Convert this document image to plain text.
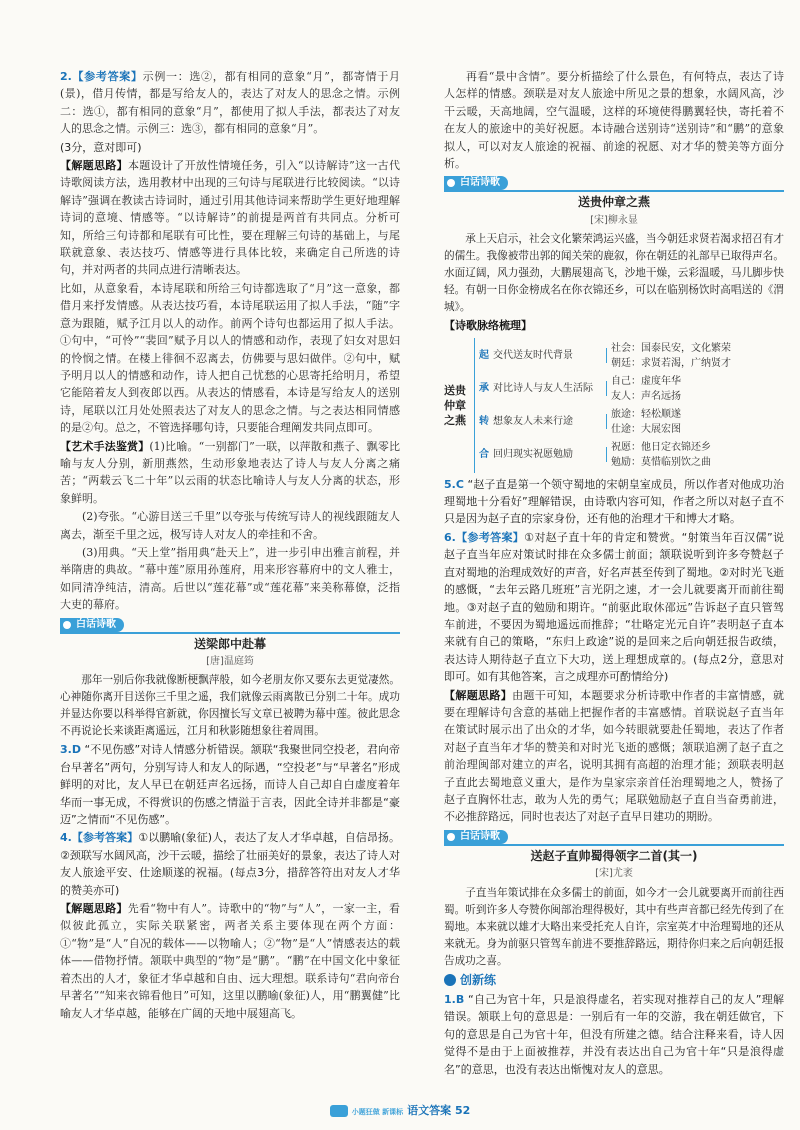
2.【参考答案】示例一：选②，都有相同的意象“月”，都寄情于月(景)，借月传情，都是写给友人的，表达了对友人的思念之情。示例二：选①，都有相同的意象“月”，都使用了拟人手法，都表达了对友人的思念之情。示例三：选③，都有相同的意象“月”。

(3分，意对即可)

【解题思路】本题设计了开放性情境任务，引入“以诗解诗”这一古代诗歌阅读方法，选用教材中出现的三句诗与尾联进行比较阅读。“以诗解诗”强调在教读古诗词时，通过引用其他诗词来帮助学生更好地理解诗词的意境、情感等。“以诗解诗”的前提是两首有共同点。分析可知，所给三句诗都和尾联有可比性，要在理解三句诗的基础上，与尾联就意象、表达技巧、情感等进行具体比较，来确定自己所选的诗句，并对两者的共同点进行清晰表达。

比如，从意象看，本诗尾联和所给三句诗都选取了“月”这一意象，都借月来抒发情感。从表达技巧看，本诗尾联运用了拟人手法，“随”字意为跟随，赋予江月以人的动作。前两个诗句也都运用了拟人手法。①句中，“可怜”“裴回”赋予月以人的情感和动作，表现了妇女对思妇的怜悯之情。在楼上徘徊不忍离去，仿佛要与思妇做伴。②句中，赋予明月以人的情感和动作，诗人把自己忧愁的心思寄托给明月，希望它能陪着友人到夜郎以西。从表达的情感看，本诗是写给友人的送别诗，尾联以江月处处照表达了对友人的思念之情。与之表达相同情感的是②句。总之，不管选择哪句诗，只要能合理阐发共同点即可。

【艺术手法鉴赏】(1)比喻。“一别都门”一联，以萍散和燕子、飘零比喻与友人分别，新朋燕然，生动形象地表达了诗人与友人分离之痛苦；“两载云飞二十年”以云雨的状态比喻诗人与友人分离的状态，形象鲜明。

(2)夸张。“心游目送三千里”以夸张与传统写诗人的视线跟随友人离去，渐至千里之远，极写诗人对友人的牵挂和不舍。

(3)用典。“天上堂”指用典“赴天上”，进一步引申出雅言前程，并举隋唐的典故。“幕中莲”原用孙莲府，用来形容幕府中的文人雅士，如同清净纯洁，清高。后世以“莲花幕”或“莲花幕”来美称幕僚，泛指大吏的幕府。

白话诗歌
送梁郎中赴幕
[唐]温庭筠

那年一别后你我就像断梗飘萍般，如今老朋友你又要东去更觉凄然。心神随你离开目送你三千里之遥，我们就像云雨离散已分别二十年。成功并显达你要以科举得官新就，你因擅长写文章已被聘为幕中莲。彼此思念不再说论长来谈距离遥远，江月和秋影随想象往着周围。

3.D “不见伤感”对诗人情感分析错误。颔联“我聚世同空投老，君向帝台早著名”两句，分别写诗人和友人的际遇，“空投老”与“早著名”形成鲜明的对比，友人早已在朝廷声名远扬，而诗人自己却自白虚度着年华而一事无成，不得赏识的伤感之情溢于言表，因此全诗并非都是“豪迈”之情而“不见伤感”。

4.【参考答案】①以鹏喻(象征)人，表达了友人才华卓越，自信昂扬。②颈联写水阔风高，沙干云暖，描绘了壮丽美好的景象，表达了诗人对友人旅途平安、仕途顺遂的祝福。(每点3分，措辞答符出对友人才华的赞美亦可)

【解题思路】先看“物中有人”。诗歌中的“物”与“人”，一家一主，看似彼此孤立，实际关联紧密，两者关系主要体现在两个方面：①“物”是“人”自况的载体——以物喻人；②“物”是“人”情感表达的载体——借物抒情。颔联中典型的“物”是“鹏”。“鹏”在中国文化中象征着杰出的人才，象征才华卓越和自由、远大理想。联系诗句“君向帝台早著名”“知来衣锦看他日”可知，这里以鹏喻(象征)人，用“鹏翼健”比喻友人才华卓越，能够在广阔的天地中展翅高飞。

再看“景中含情”。要分析描绘了什么景色，有何特点，表达了诗人怎样的情感。颈联是对友人旅途中所见之景的想象，水阔风高，沙干云暖，天高地阔，空气温暖，这样的环境使得鹏翼轻快，寄托着不在友人的旅途中的美好祝愿。本诗融合送别诗“送别诗”和“鹏”的意象拟人，可以对友人旅途的祝福、前途的祝愿、对才华的赞美等方面分析。

白话诗歌
送贵仲章之燕
[宋]柳永显

承上天启示，社会文化繁荣鸿运兴盛，当今朝廷求贤若渴求招召有才的儒生。我像被带出郭的闻关荣的鹿叙，你在朝廷的礼部早已取得声名。水面辽阔，风力强劲，大鹏展翅高飞，沙地干燥，云彩温暖，马儿脚步快轻。有朝一日你金榜成名在你衣锦还乡，可以在临别杨饮时高唱送的《渭城》。

【诗歌脉络梳理】

送贵仲章之燕
起 交代送友时代背景
社会：国泰民安，文化繁荣
朝廷：求贤若渴，广纳贤才
承 对比诗人与友人生活际
自己：虚度年华
友人：声名远扬
转 想象友人未来行途
旅途：轻松顺遂
仕途：大展宏图
合 回归现实祝愿勉励
祝愿：他日定衣锦还乡
勉励：莫惜临别饮之曲

5.C “赵子直是第一个领守蜀地的宋朝皇室成员，所以作者对他成功治理蜀地十分看好”理解错误，由诗歌内容可知，作者之所以对赵子直不只是因为赵子直的宗家身份，还有他的治理才干和博大才略。

6.【参考答案】①对赵子直十年的肯定和赞赏。“射策当年百汉儒”说赵子直当年应对策试时排在众多儒士前面；颔联说听到许多夸赞赵子直对蜀地的治理成效好的声音，好名声甚至传到了蜀地。②对时光飞逝的感慨，“去年云路几班班”言光阴之速，才一会儿就要离开而前往蜀地。③对赵子直的勉励和期许。“前驱此取休邵远”告诉赵子直只管驾车前进，不要因为蜀地遥远而推辞；“壮略定光元自许”表明赵子直本来就有自己的策略，“东归上政途”说的是回来之后向朝廷报告政绩，表达诗人期待赵子直立下大功，送上理想成章的。(每点2分，意思对即可。如有其他答案，言之成理亦可酌情给分)

【解题思路】由题干可知，本题要求分析诗歌中作者的丰富情感，就要在理解诗句含意的基础上把握作者的丰富感情。首联说赵子直当年在策试时展示出了出众的才华，如今转眼就要赴任蜀地，表达了作者对赵子直当年才华的赞美和对时光飞逝的感慨；颔联追溯了赵子直之前治理闽部对建立的声名，说明其拥有高超的治理才能；颈联表明赵子直此去蜀地意义重大，是作为皇家宗亲首任治理蜀地之人，赞扬了赵子直胸怀壮志，敢为人先的勇气；尾联勉励赵子直自当奋勇前进，不必推辞路远，同时也表达了对赵子直早日建功的期盼。

白话诗歌
送赵子直帅蜀得领字二首(其一)
[宋]尤袤

子直当年策试排在众多儒士的前面，如今才一会儿就要离开而前往西蜀。听到许多人夸赞你闽部治理得极好，其中有些声音都已经先传到了在蜀地。本来就以雄才大略出来受托充人自许，宗室英才中治理蜀地的还从来就无。身为前驱只管驾车前进不要推辞路远，期待你归来之后向朝廷报告成功之喜。

创新练

1.B “自己为官十年，只是浪得虚名，若实现对推荐自己的友人”理解错误。颔联上句的意思是：一别后有一年的交游，我在朝廷做官，下句的意思是自己为官十年，但没有所建之德。结合注释来看，诗人因觉得不是由于上面被推荐，并没有表达出自己为官十年“只是浪得虚名”的意思，也没有表达出惭愧对友人的意思。

小题狂做 新课标 语文答案 52
